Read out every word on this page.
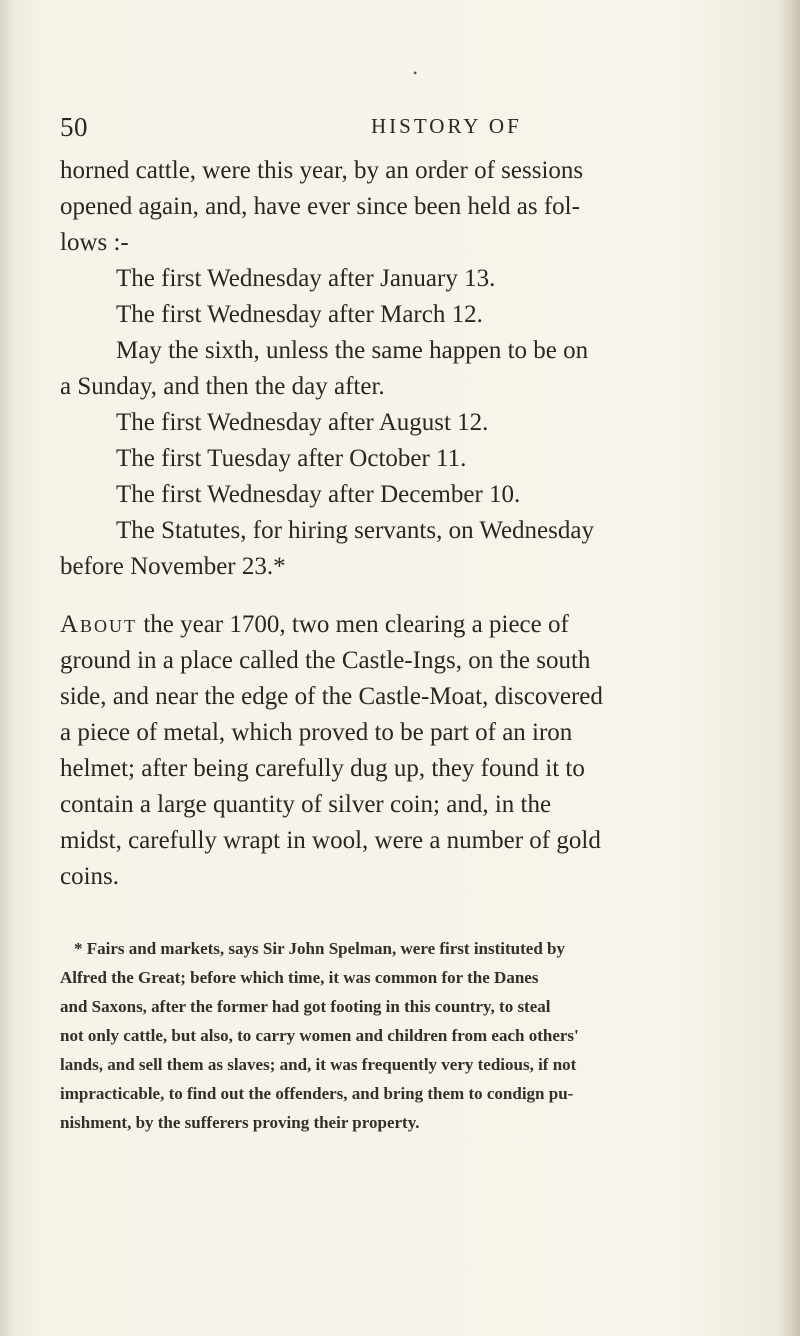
•
50	HISTORY OF
horned cattle, were this year, by an order of sessions
opened again, and, have ever since been held as fol-
lows :-
The first Wednesday after January 13.
The first Wednesday after March 12.
May the sixth, unless the same happen to be on
a Sunday, and then the day after.
The first Wednesday after August 12.
The first Tuesday after October 11.
The first Wednesday after December 10.
The Statutes, for hiring servants, on Wednesday
before November 23.*
About the year 1700, two men clearing a piece of
ground in a place called the Castle-Ings, on the south
side, and near the edge of the Castle-Moat, discovered
a piece of metal, which proved to be part of an iron
helmet; after being carefully dug up, they found it to
contain a large quantity of silver coin; and, in the
midst, carefully wrapt in wool, were a number of gold
coins.
* Fairs and markets, says Sir John Spelman, were first instituted by
Alfred the Great; before which time, it was common for the Danes
and Saxons, after the former had got footing in this country, to steal
not only cattle, but also, to carry women and children from each others'
lands, and sell them as slaves; and, it was frequently very tedious, if not
impracticable, to find out the offenders, and bring them to condign pu-
nishment, by the sufferers proving their property.
